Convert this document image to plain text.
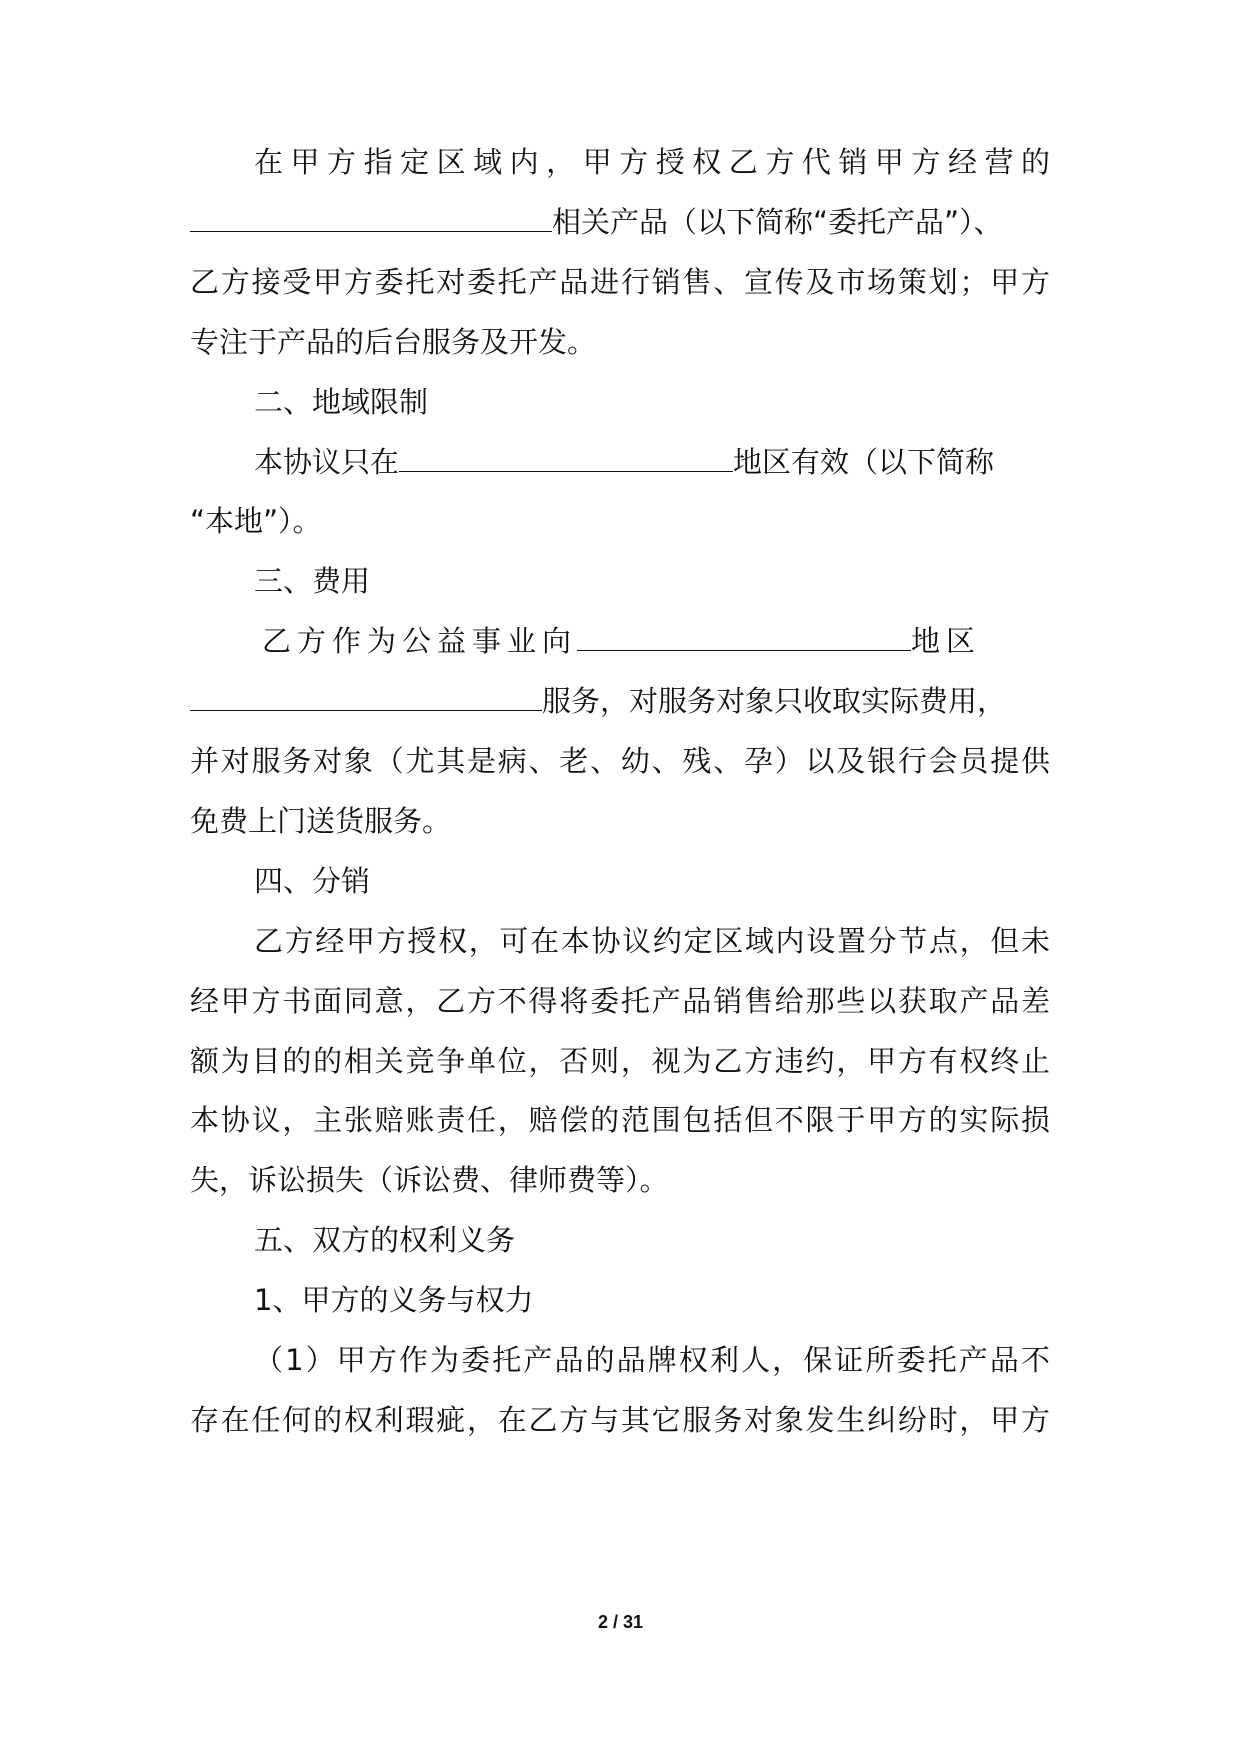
在甲方指定区域内，甲方授权乙方代销甲方经营的
相关产品（以下简称“委托产品”）、
乙方接受甲方委托对委托产品进行销售、宣传及市场策划；甲方
专注于产品的后台服务及开发。
二、地域限制
本协议只在	地区有效（以下简称
“本地”）。
三、费用
乙方作为公益事业向	地区
服务，对服务对象只收取实际费用，
并对服务对象（尤其是病、老、幼、残、孕）以及银行会员提供
免费上门送货服务。
四、分销
乙方经甲方授权，可在本协议约定区域内设置分节点，但未
经甲方书面同意，乙方不得将委托产品销售给那些以获取产品差
额为目的的相关竞争单位，否则，视为乙方违约，甲方有权终止
本协议，主张赔账责任，赔偿的范围包括但不限于甲方的实际损
失，诉讼损失（诉讼费、律师费等）。
五、双方的权利义务
1、甲方的义务与权力
（1）甲方作为委托产品的品牌权利人，保证所委托产品不
存在任何的权利瑕疵，在乙方与其它服务对象发生纠纷时，甲方
2 / 31
